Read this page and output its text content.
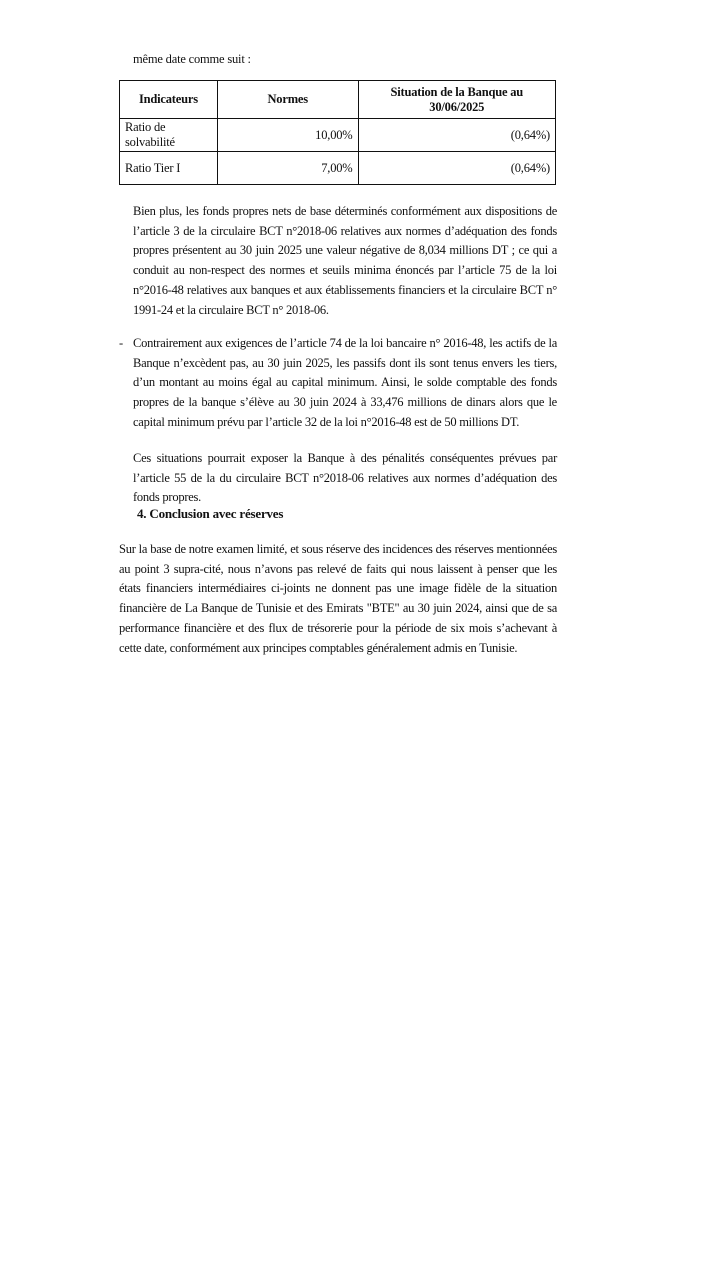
même date comme suit :
Indicateurs	Normes	Situation de la Banque au 30/06/2025
Ratio de solvabilité	10,00%	(0,64%)
Ratio Tier I	7,00%	(0,64%)

Bien plus, les fonds propres nets de base déterminés conformément aux dispositions de l’article 3 de la circulaire BCT n°2018-06 relatives aux normes d’adéquation des fonds propres présentent au 30 juin 2025 une valeur négative de 8,034 millions DT ; ce qui a conduit au non-respect des normes et seuils minima énoncés par l’article 75 de la loi n°2016-48 relatives aux banques et aux établissements financiers et la circulaire BCT n° 1991-24 et la circulaire BCT n° 2018-06.

- Contrairement aux exigences de l’article 74 de la loi bancaire n° 2016-48, les actifs de la Banque n’excèdent pas, au 30 juin 2025, les passifs dont ils sont tenus envers les tiers, d’un montant au moins égal au capital minimum. Ainsi, le solde comptable des fonds propres de la banque s’élève au 30 juin 2024 à 33,476 millions de dinars alors que le capital minimum prévu par l’article 32 de la loi n°2016-48 est de 50 millions DT.

Ces situations pourrait exposer la Banque à des pénalités conséquentes prévues par l’article 55 de la du circulaire BCT n°2018-06 relatives aux normes d’adéquation des fonds propres.

4. Conclusion avec réserves

Sur la base de notre examen limité, et sous réserve des incidences des réserves mentionnées au point 3 supra-cité, nous n’avons pas relevé de faits qui nous laissent à penser que les états financiers intermédiaires ci-joints ne donnent pas une image fidèle de la situation financière de La Banque de Tunisie et des Emirats "BTE" au 30 juin 2024, ainsi que de sa performance financière et des flux de trésorerie pour la période de six mois s’achevant à cette date, conformément aux principes comptables généralement admis en Tunisie.
